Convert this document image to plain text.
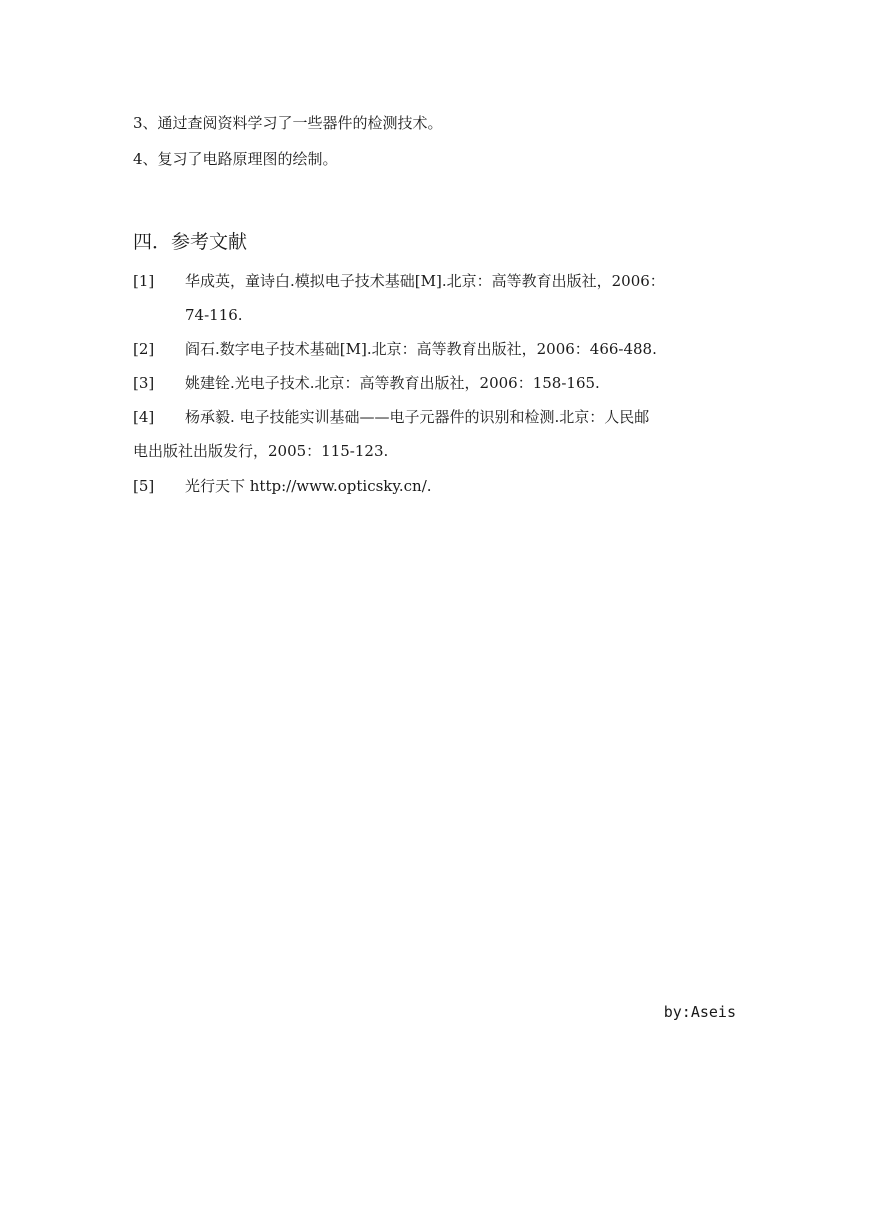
3、通过查阅资料学习了一些器件的检测技术。
4、复习了电路原理图的绘制。
四．参考文献
[1] 华成英，童诗白.模拟电子技术基础[M].北京：高等教育出版社，2006：
74-116.
[2] 阎石.数字电子技术基础[M].北京：高等教育出版社，2006：466-488.
[3] 姚建铨.光电子技术.北京：高等教育出版社，2006：158-165.
[4] 杨承毅. 电子技能实训基础——电子元器件的识别和检测.北京：人民邮
电出版社出版发行，2005：115-123.
[5] 光行天下 http://www.opticsky.cn/.
by:Aseis
